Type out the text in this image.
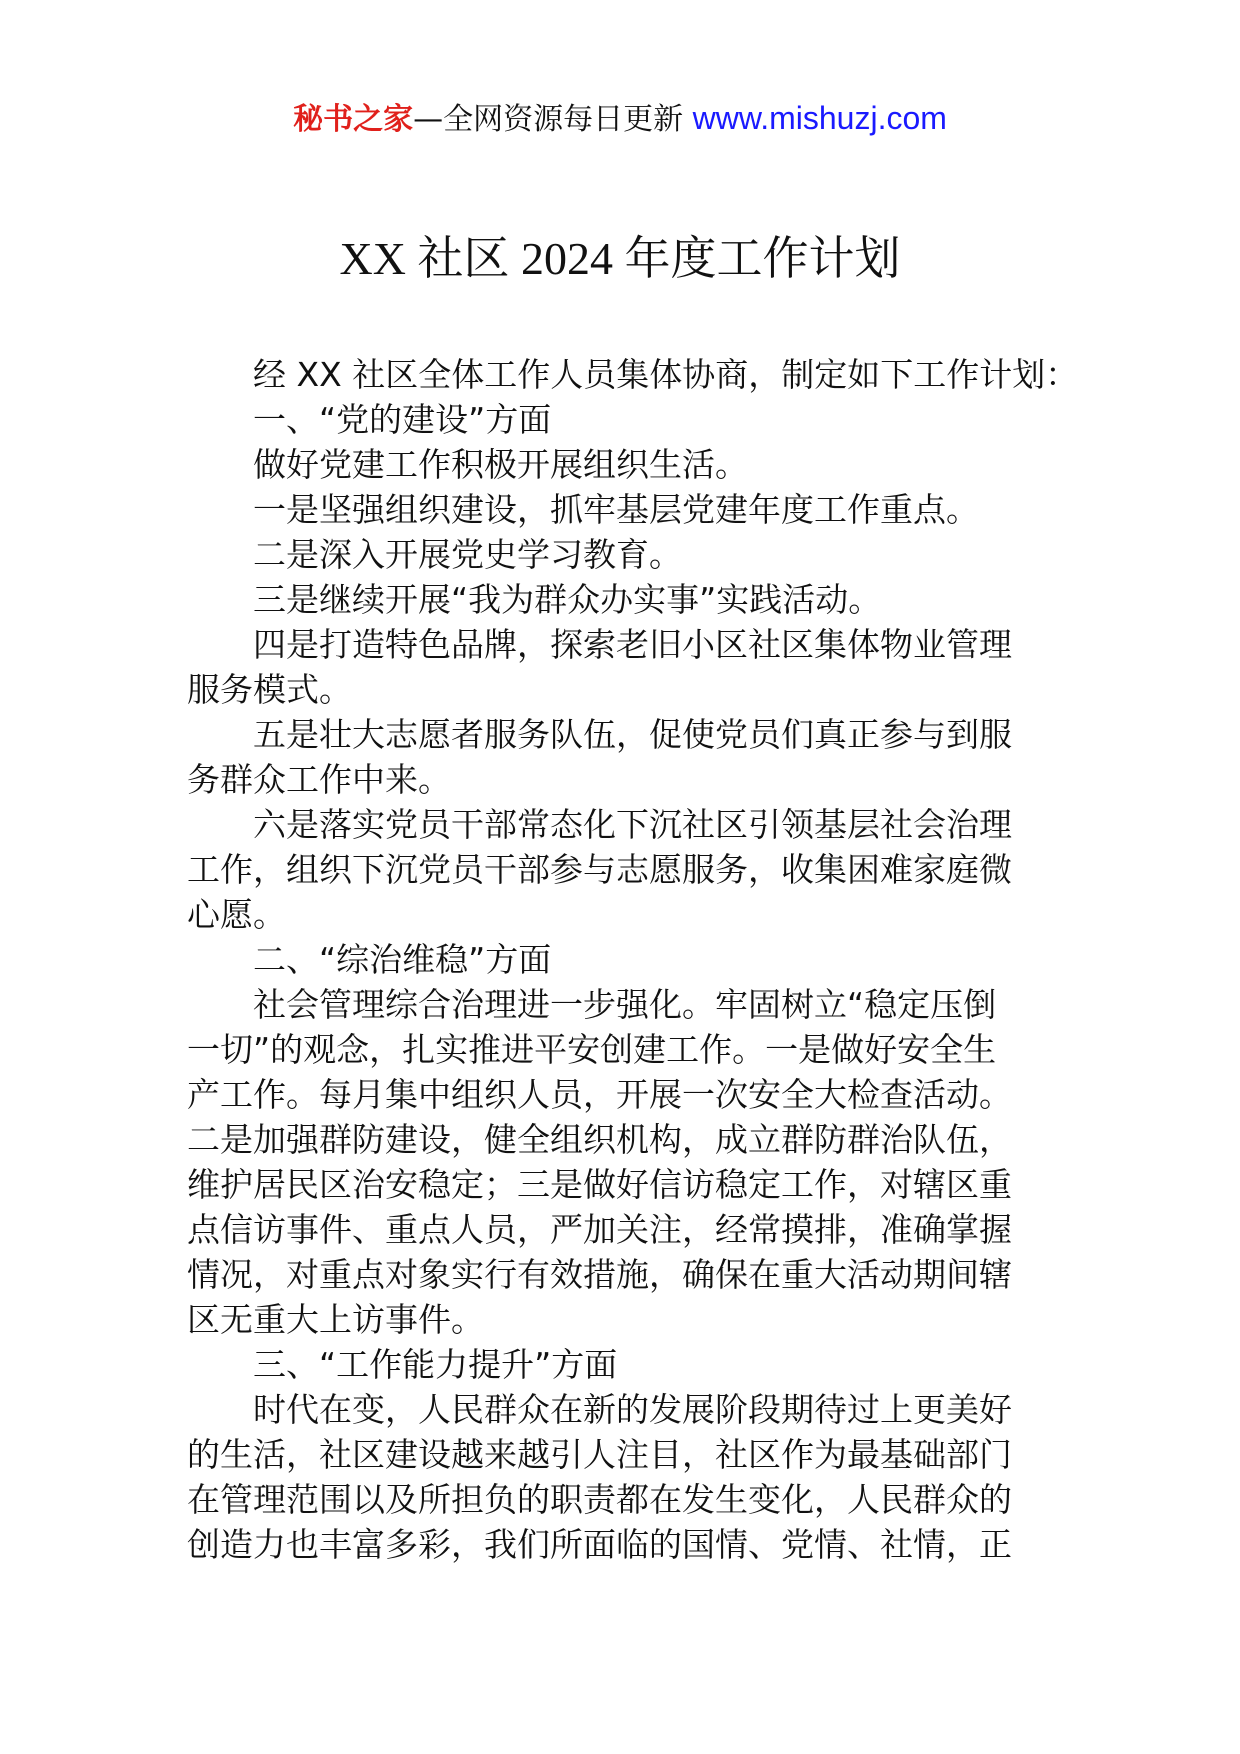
秘书之家—全网资源每日更新 www.mishuzj.com
XX 社区 2024 年度工作计划

经 XX 社区全体工作人员集体协商，制定如下工作计划：

一、“党的建设”方面

做好党建工作积极开展组织生活。

一是坚强组织建设，抓牢基层党建年度工作重点。

二是深入开展党史学习教育。

三是继续开展“我为群众办实事”实践活动。

四是打造特色品牌，探索老旧小区社区集体物业管理
服务模式。

五是壮大志愿者服务队伍，促使党员们真正参与到服
务群众工作中来。

六是落实党员干部常态化下沉社区引领基层社会治理
工作，组织下沉党员干部参与志愿服务，收集困难家庭微
心愿。

二、“综治维稳”方面

社会管理综合治理进一步强化。牢固树立“稳定压倒
一切”的观念，扎实推进平安创建工作。一是做好安全生
产工作。每月集中组织人员，开展一次安全大检查活动。
二是加强群防建设，健全组织机构，成立群防群治队伍，
维护居民区治安稳定；三是做好信访稳定工作，对辖区重
点信访事件、重点人员，严加关注，经常摸排，准确掌握
情况，对重点对象实行有效措施，确保在重大活动期间辖
区无重大上访事件。

三、“工作能力提升”方面

时代在变，人民群众在新的发展阶段期待过上更美好
的生活，社区建设越来越引人注目，社区作为最基础部门
在管理范围以及所担负的职责都在发生变化，人民群众的
创造力也丰富多彩，我们所面临的国情、党情、社情，正
